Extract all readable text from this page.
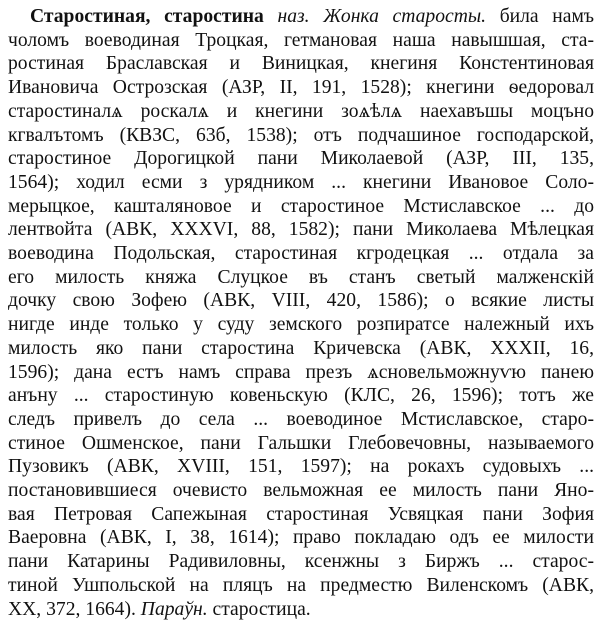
Старостиная, старостина наз. Жонка старосты. била намъ
чоломъ воеводиная Троцкая, гетмановая наша навышшая, ста-
ростиная Браславская и Виницкая, кнегиня Констентиновая
Ивановича Острозская (АЗР, II, 191, 1528); кнегини ѳедоровал
старостиналѧ роскалѧ и кнегини зоѧѣлѧ наехавъшы моцъно
кгвалътомъ (КВЗС, 63б, 1538); отъ подчашиное господарской,
старостиное Дорогицкой пани Миколаевой (АЗР, III, 135,
1564); ходил есми з урядником ... кнегини Ивановое Соло-
мерыцкое, кашталяновое и старостиное Мстиславское ... до
лентвойта (АВК, XXXVI, 88, 1582); пани Миколаева Мѣлецкая
воеводина Подольская, старостиная кгродецкая ... отдала за
его милость княжа Слуцкое въ станъ светый малженскiй
дочку свою Зофею (АВК, VIII, 420, 1586); о всякие листы
нигде инде только у суду земского розпиратсе належный ихъ
милость яко пани старостина Кричевска (АВК, XXXII, 16,
1596); дана естъ намъ справа презъ ѧсновельможнуѵю панею
анъну ... старостиную ковеньскую (КЛС, 26, 1596); тотъ же
следъ привелъ до села ... воеводиное Мстиславское, старо-
стиное Ошменское, пани Гальшки Глебовечовны, называемого
Пузовикъ (АВК, XVIII, 151, 1597); на рокахъ судовыхъ ...
постановившиеся очевисто вельможная ее милость пани Яно-
вая Петровая Сапежыная старостиная Усвяцкая пани Зофия
Ваеровна (АВК, I, 38, 1614); право покладаю одъ ее милости
пани Катарины Радивиловны, ксенжны з Биржъ ... старос-
тиной Ушпольской на пляцъ на предместю Виленскомъ (АВК,
XX, 372, 1664). Параўн. старостица.
